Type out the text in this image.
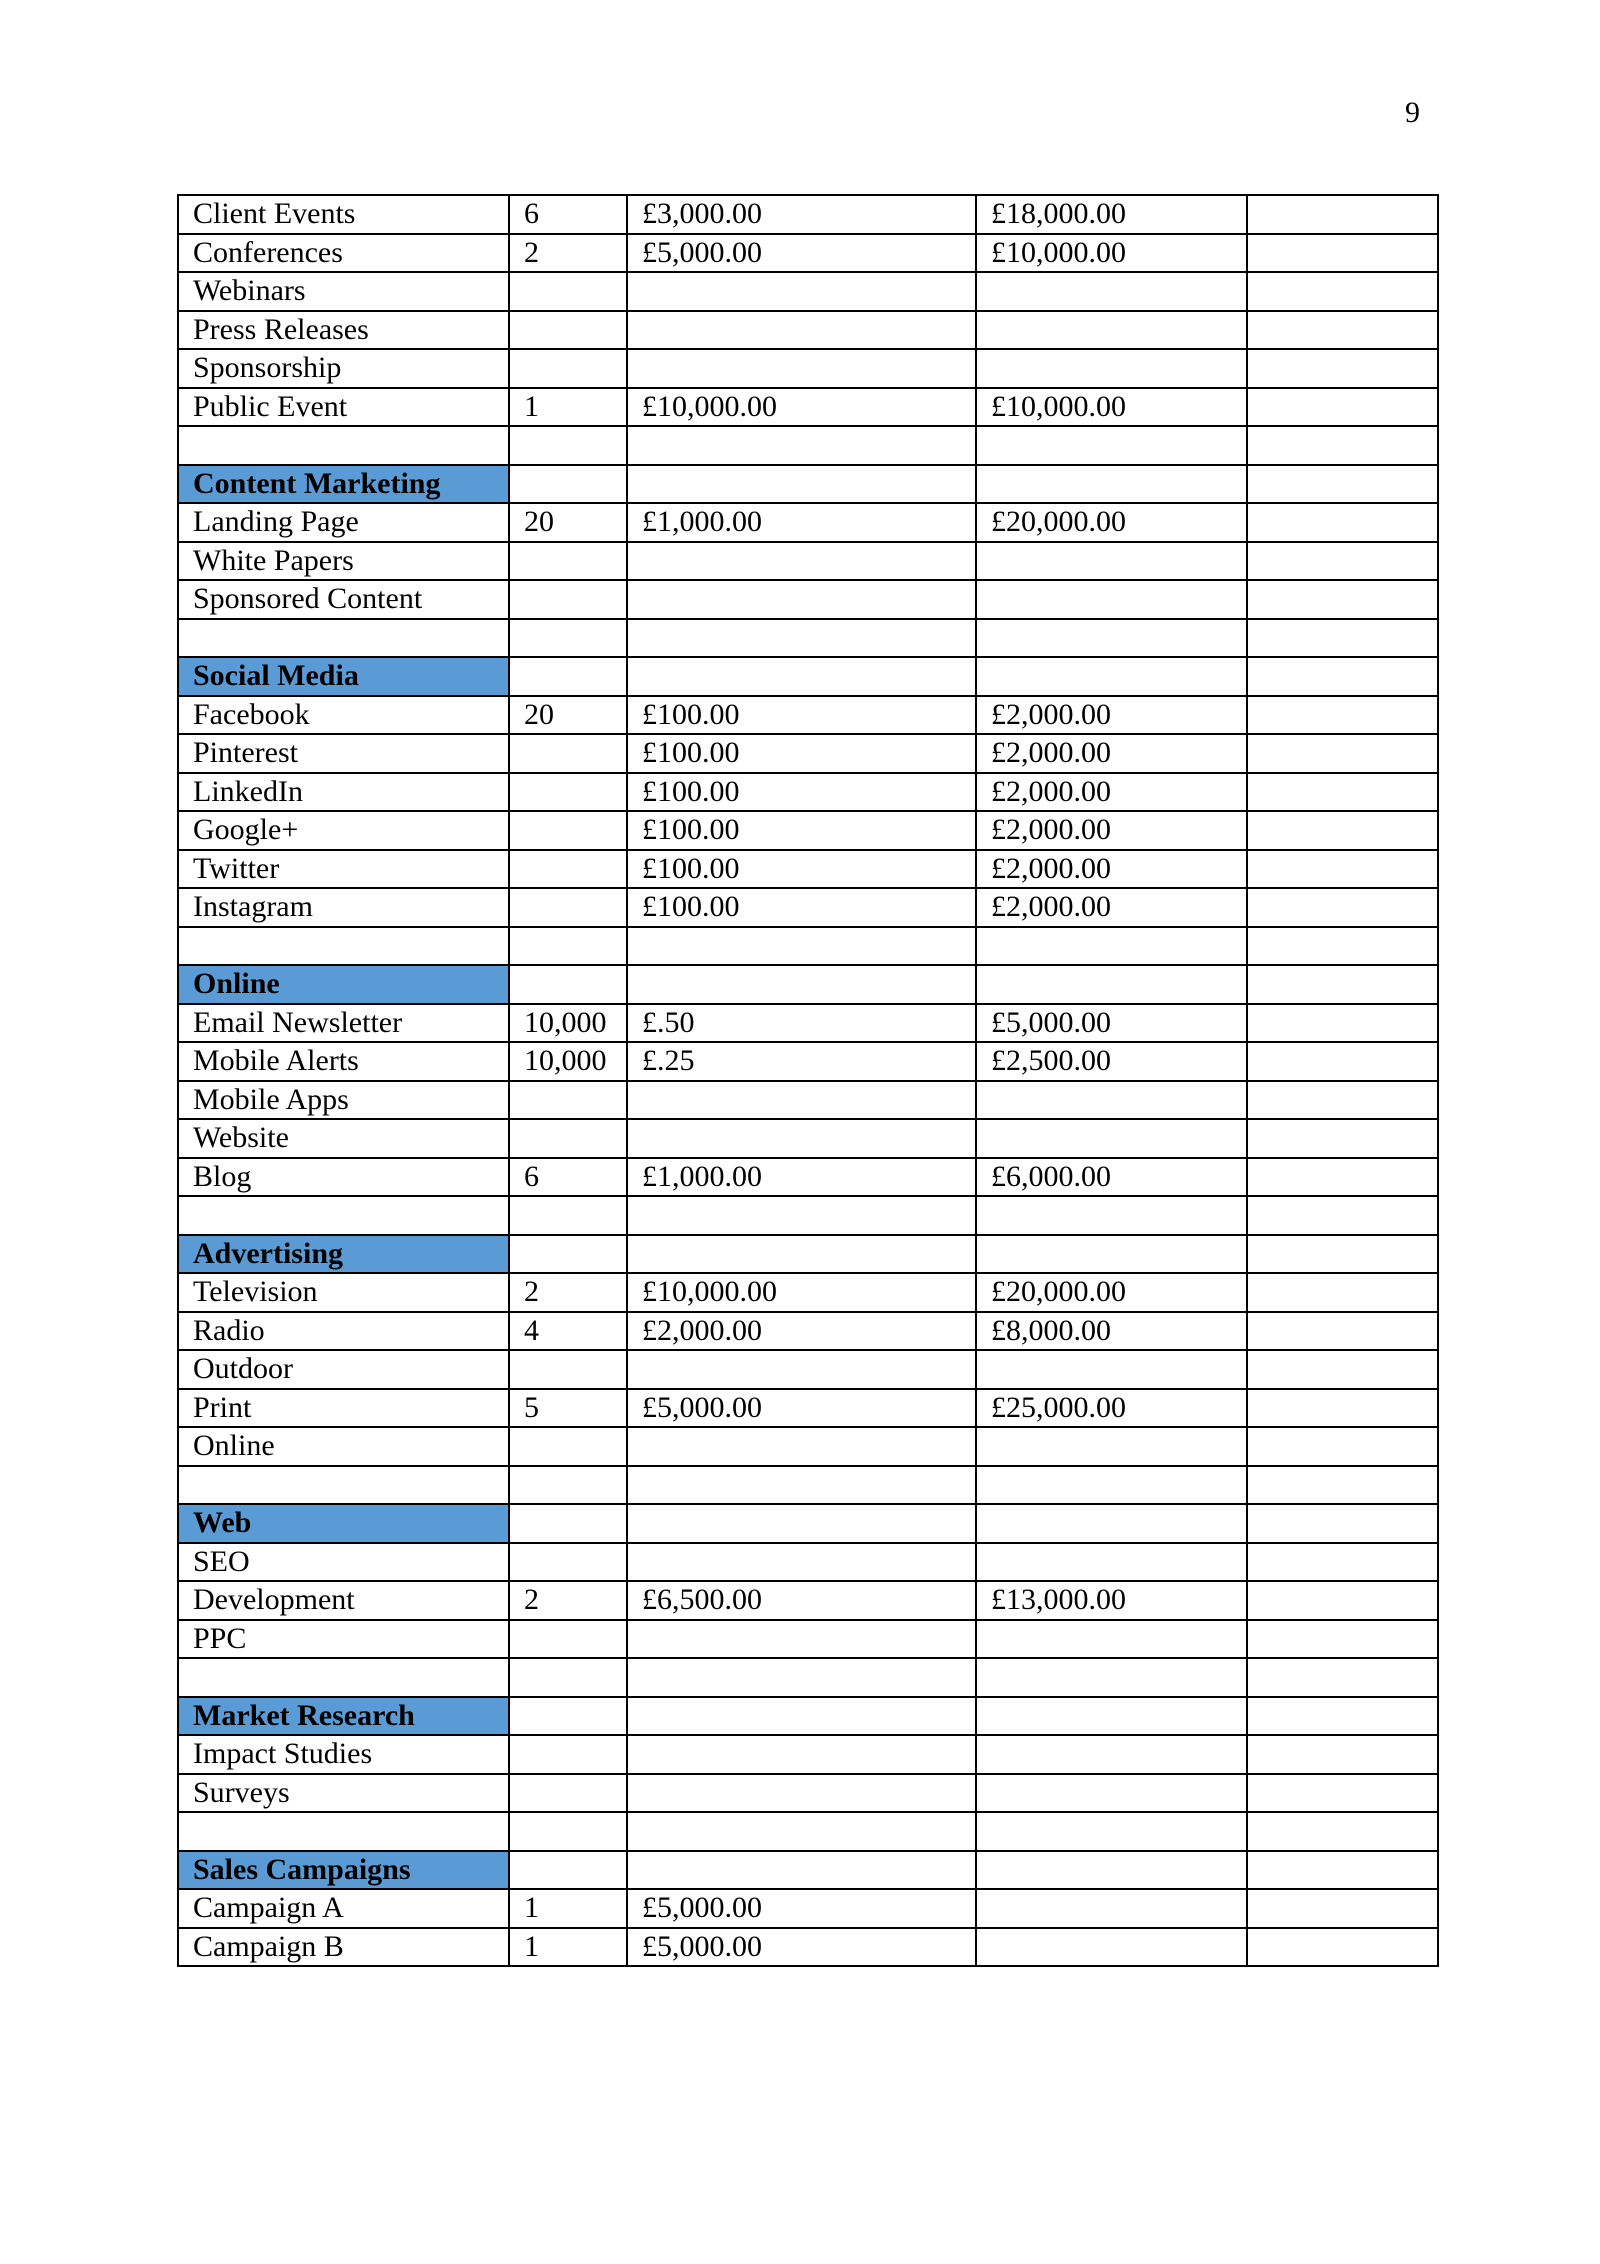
9
Client Events	6	£3,000.00	£18,000.00	
Conferences	2	£5,000.00	£10,000.00	
Webinars				
Press Releases				
Sponsorship				
Public Event	1	£10,000.00	£10,000.00	

Content Marketing				
Landing Page	20	£1,000.00	£20,000.00	
White Papers				
Sponsored Content				

Social Media				
Facebook	20	£100.00	£2,000.00	
Pinterest		£100.00	£2,000.00	
LinkedIn		£100.00	£2,000.00	
Google+		£100.00	£2,000.00	
Twitter		£100.00	£2,000.00	
Instagram		£100.00	£2,000.00	

Online				
Email Newsletter	10,000	£.50	£5,000.00	
Mobile Alerts	10,000	£.25	£2,500.00	
Mobile Apps				
Website				
Blog	6	£1,000.00	£6,000.00	

Advertising				
Television	2	£10,000.00	£20,000.00	
Radio	4	£2,000.00	£8,000.00	
Outdoor				
Print	5	£5,000.00	£25,000.00	
Online				

Web				
SEO				
Development	2	£6,500.00	£13,000.00	
PPC				

Market Research				
Impact Studies				
Surveys				

Sales Campaigns				
Campaign A	1	£5,000.00		
Campaign B	1	£5,000.00		
